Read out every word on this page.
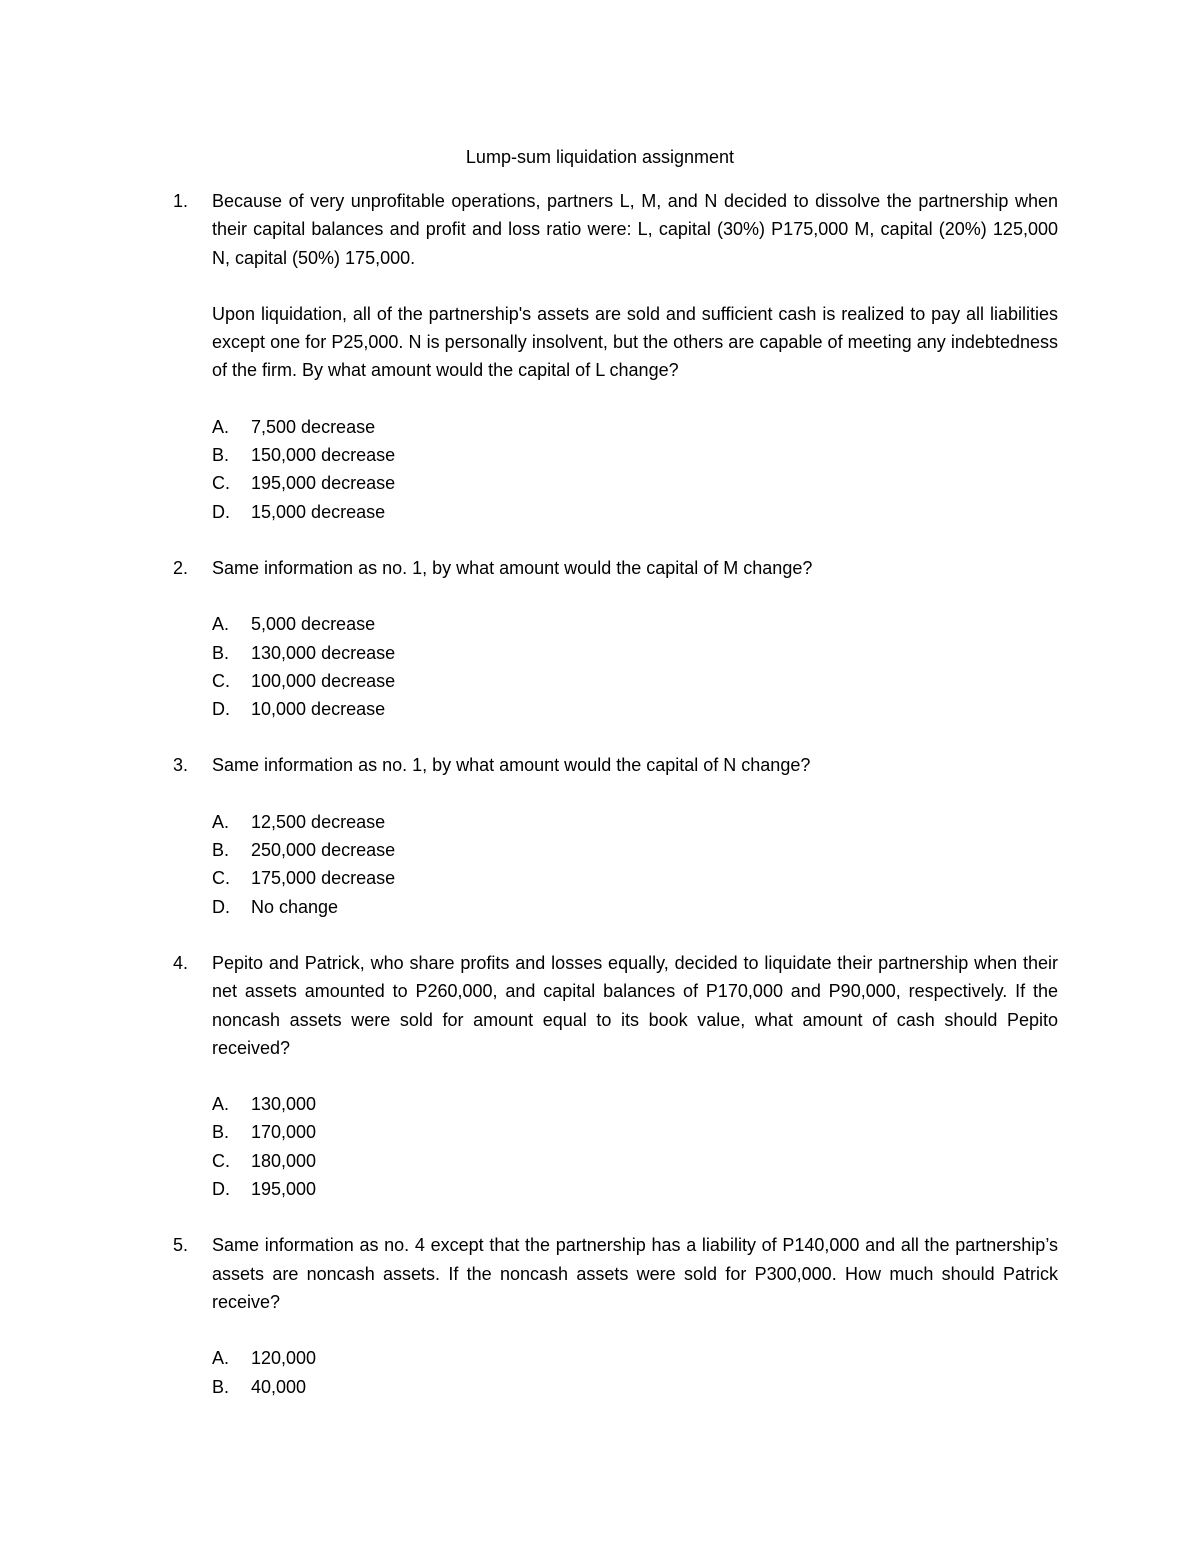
Lump-sum liquidation assignment
1.	Because of very unprofitable operations, partners L, M, and N decided to dissolve the partnership when their capital balances and profit and loss ratio were: L, capital (30%) P175,000 M, capital (20%) 125,000 N, capital (50%) 175,000.
Upon liquidation, all of the partnership's assets are sold and sufficient cash is realized to pay all liabilities except one for P25,000. N is personally insolvent, but the others are capable of meeting any indebtedness of the firm. By what amount would the capital of L change?
A. 7,500 decrease
B. 150,000 decrease
C. 195,000 decrease
D. 15,000 decrease
2.	Same information as no. 1, by what amount would the capital of M change?
A. 5,000 decrease
B. 130,000 decrease
C. 100,000 decrease
D. 10,000 decrease
3.	Same information as no. 1, by what amount would the capital of N change?
A. 12,500 decrease
B. 250,000 decrease
C. 175,000 decrease
D. No change
4.	Pepito and Patrick, who share profits and losses equally, decided to liquidate their partnership when their net assets amounted to P260,000, and capital balances of P170,000 and P90,000, respectively. If the noncash assets were sold for amount equal to its book value, what amount of cash should Pepito received?
A. 130,000
B. 170,000
C. 180,000
D. 195,000
5.	Same information as no. 4 except that the partnership has a liability of P140,000 and all the partnership’s assets are noncash assets. If the noncash assets were sold for P300,000. How much should Patrick receive?
A. 120,000
B. 40,000
